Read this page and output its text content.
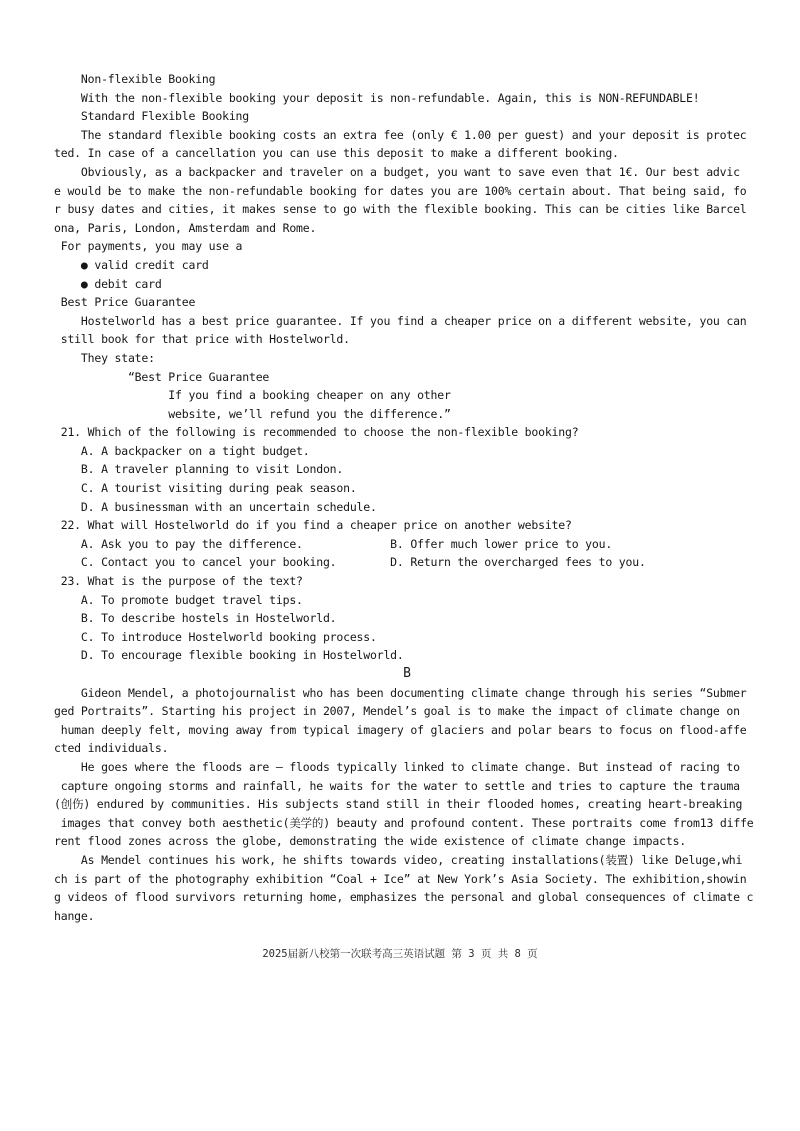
Non-flexible Booking
With the non-flexible booking your deposit is non-refundable. Again, this is NON-REFUNDABLE!
Standard Flexible Booking
The standard flexible booking costs an extra fee (only € 1.00 per guest) and your deposit is protec
ted. In case of a cancellation you can use this deposit to make a different booking.
Obviously, as a backpacker and traveler on a budget, you want to save even that 1€. Our best advic
e would be to make the non-refundable booking for dates you are 100% certain about. That being said, fo
r busy dates and cities, it makes sense to go with the flexible booking. This can be cities like Barcel
ona, Paris, London, Amsterdam and Rome.
For payments, you may use a
● valid credit card
● debit card
Best Price Guarantee
Hostelworld has a best price guarantee. If you find a cheaper price on a different website, you can
still book for that price with Hostelworld.
They state:
“Best Price Guarantee
If you find a booking cheaper on any other
website, we’ll refund you the difference.”
21. Which of the following is recommended to choose the non-flexible booking?
A. A backpacker on a tight budget.
B. A traveler planning to visit London.
C. A tourist visiting during peak season.
D. A businessman with an uncertain schedule.
22. What will Hostelworld do if you find a cheaper price on another website?
A. Ask you to pay the difference.             B. Offer much lower price to you.
C. Contact you to cancel your booking.        D. Return the overcharged fees to you.
23. What is the purpose of the text?
A. To promote budget travel tips.
B. To describe hostels in Hostelworld.
C. To introduce Hostelworld booking process.
D. To encourage flexible booking in Hostelworld.
B
Gideon Mendel, a photojournalist who has been documenting climate change through his series “Submer
ged Portraits”. Starting his project in 2007, Mendel’s goal is to make the impact of climate change on
human deeply felt, moving away from typical imagery of glaciers and polar bears to focus on flood-affe
cted individuals.
He goes where the floods are — floods typically linked to climate change. But instead of racing to
capture ongoing storms and rainfall, he waits for the water to settle and tries to capture the trauma
(创伤) endured by communities. His subjects stand still in their flooded homes, creating heart-breaking
images that convey both aesthetic(美学的) beauty and profound content. These portraits come from13 diffe
rent flood zones across the globe, demonstrating the wide existence of climate change impacts.
As Mendel continues his work, he shifts towards video, creating installations(装置) like Deluge,whi
ch is part of the photography exhibition “Coal + Ice” at New York’s Asia Society. The exhibition,showin
g videos of flood survivors returning home, emphasizes the personal and global consequences of climate c
hange.
2025届新八校第一次联考高三英语试题 第 3 页 共 8 页
